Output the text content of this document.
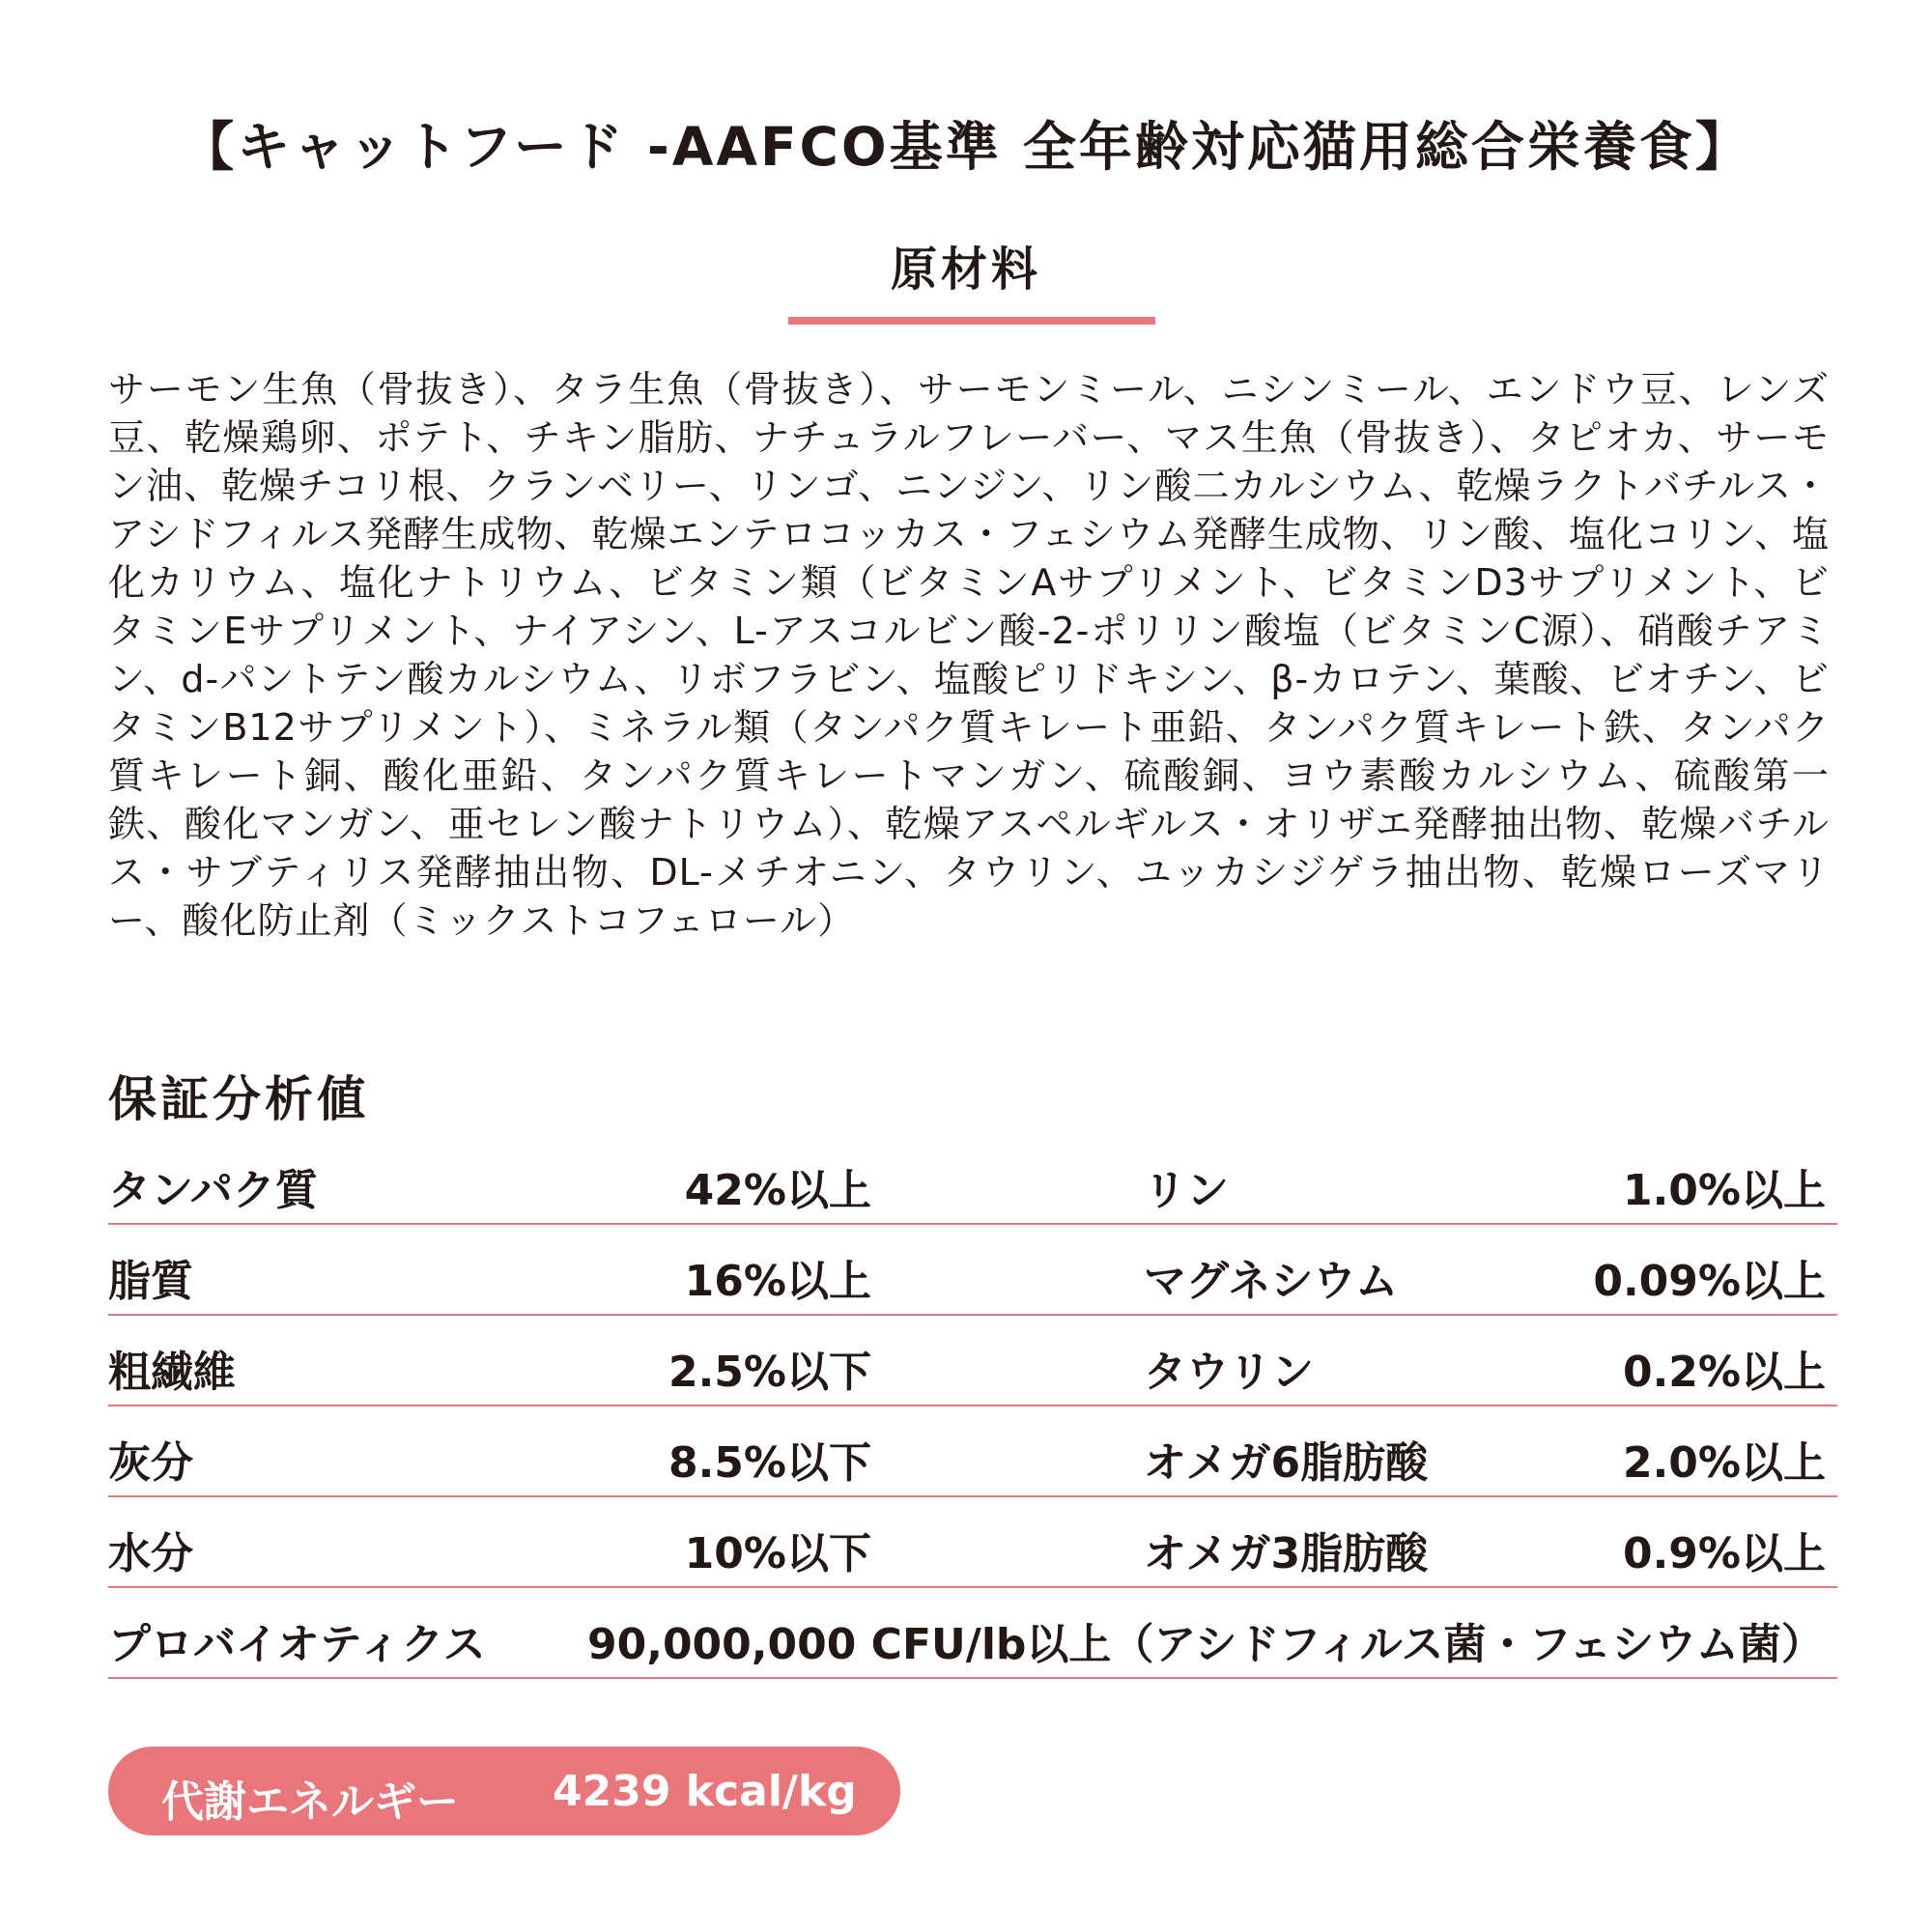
【キャットフード -AAFCO基準 全年齢対応猫用総合栄養食】
原材料

サーモン生魚（骨抜き）、タラ生魚（骨抜き）、サーモンミール、ニシンミール、エンドウ豆、レンズ豆、乾燥鶏卵、ポテト、チキン脂肪、ナチュラルフレーバー、マス生魚（骨抜き）、タピオカ、サーモン油、乾燥チコリ根、クランベリー、リンゴ、ニンジン、リン酸二カルシウム、乾燥ラクトバチルス・アシドフィルス発酵生成物、乾燥エンテロコッカス・フェシウム発酵生成物、リン酸、塩化コリン、塩化カリウム、塩化ナトリウム、ビタミン類（ビタミンAサプリメント、ビタミンD3サプリメント、ビタミンEサプリメント、ナイアシン、L-アスコルビン酸-2-ポリリン酸塩（ビタミンC源）、硝酸チアミン、d-パントテン酸カルシウム、リボフラビン、塩酸ピリドキシン、β-カロテン、葉酸、ビオチン、ビタミンB12サプリメント）、ミネラル類（タンパク質キレート亜鉛、タンパク質キレート鉄、タンパク質キレート銅、酸化亜鉛、タンパク質キレートマンガン、硫酸銅、ヨウ素酸カルシウム、硫酸第一鉄、酸化マンガン、亜セレン酸ナトリウム）、乾燥アスペルギルス・オリザエ発酵抽出物、乾燥バチルス・サブティリス発酵抽出物、DL-メチオニン、タウリン、ユッカシジゲラ抽出物、乾燥ローズマリー、酸化防止剤（ミックストコフェロール）

保証分析値
タンパク質	42%以上	リン	1.0%以上
脂質	16%以上	マグネシウム	0.09%以上
粗繊維	2.5%以下	タウリン	0.2%以上
灰分	8.5%以下	オメガ6脂肪酸	2.0%以上
水分	10%以下	オメガ3脂肪酸	0.9%以上
プロバイオティクス 90,000,000 CFU/lb以上（アシドフィルス菌・フェシウム菌）
代謝エネルギー 4239 kcal/kg
